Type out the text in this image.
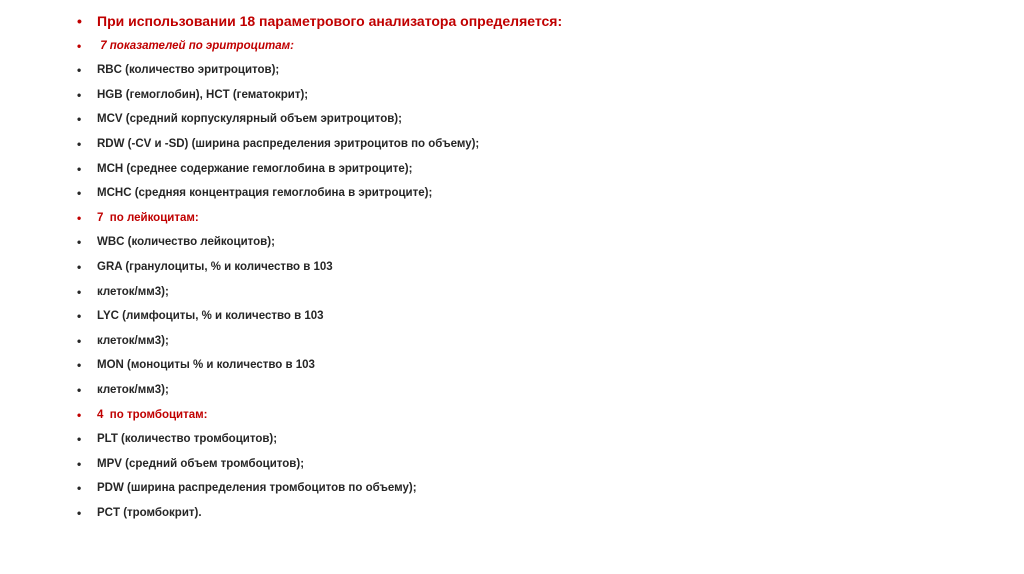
•	При использовании 18 параметрового анализатора определяется:
•	7 показателей по эритроцитам:
•	RBC (количество эритроцитов);
•	HGB (гемоглобин), HCT (гематокрит);
•	MCV (средний корпускулярный объем эритроцитов);
•	RDW (-CV и -SD) (ширина распределения эритроцитов по объему);
•	MCH (среднее содержание гемоглобина в эритроците);
•	MCHC (средняя концентрация гемоглобина в эритроците);
•	7  по лейкоцитам:
•	WBC (количество лейкоцитов);
•	GRA (гранулоциты, % и количество в 103
•	клеток/мм3);
•	LYC (лимфоциты, % и количество в 103
•	клеток/мм3);
•	MON (моноциты % и количество в 103
•	клеток/мм3);
•	4  по тромбоцитам:
•	PLT (количество тромбоцитов);
•	MPV (средний объем тромбоцитов);
•	PDW (ширина распределения тромбоцитов по объему);
•	PCT (тромбокрит).
